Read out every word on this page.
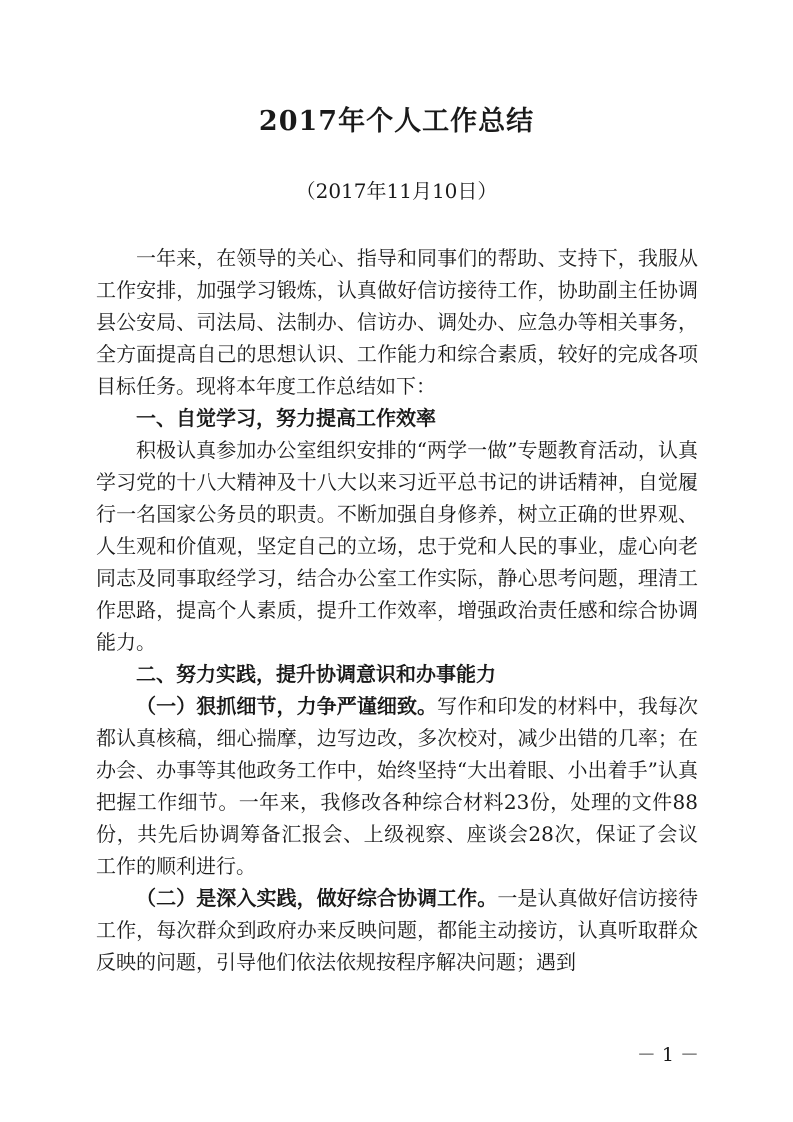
2017年个人工作总结
（2017年11月10日）

一年来，在领导的关心、指导和同事们的帮助、支持下，我服从工作安排，加强学习锻炼，认真做好信访接待工作，协助副主任协调县公安局、司法局、法制办、信访办、调处办、应急办等相关事务，全方面提高自己的思想认识、工作能力和综合素质，较好的完成各项目标任务。现将本年度工作总结如下：

一、自觉学习，努力提高工作效率

积极认真参加办公室组织安排的“两学一做”专题教育活动，认真学习党的十八大精神及十八大以来习近平总书记的讲话精神，自觉履行一名国家公务员的职责。不断加强自身修养，树立正确的世界观、人生观和价值观，坚定自己的立场，忠于党和人民的事业，虚心向老同志及同事取经学习，结合办公室工作实际，静心思考问题，理清工作思路，提高个人素质，提升工作效率，增强政治责任感和综合协调能力。

二、努力实践，提升协调意识和办事能力

（一）狠抓细节，力争严谨细致。写作和印发的材料中，我每次都认真核稿，细心揣摩，边写边改，多次校对，减少出错的几率；在办会、办事等其他政务工作中，始终坚持“大出着眼、小出着手”认真把握工作细节。一年来，我修改各种综合材料23份，处理的文件88份，共先后协调筹备汇报会、上级视察、座谈会28次，保证了会议工作的顺利进行。

（二）是深入实践，做好综合协调工作。一是认真做好信访接待工作，每次群众到政府办来反映问题，都能主动接访，认真听取群众反映的问题，引导他们依法依规按程序解决问题；遇到

－ 1 －
